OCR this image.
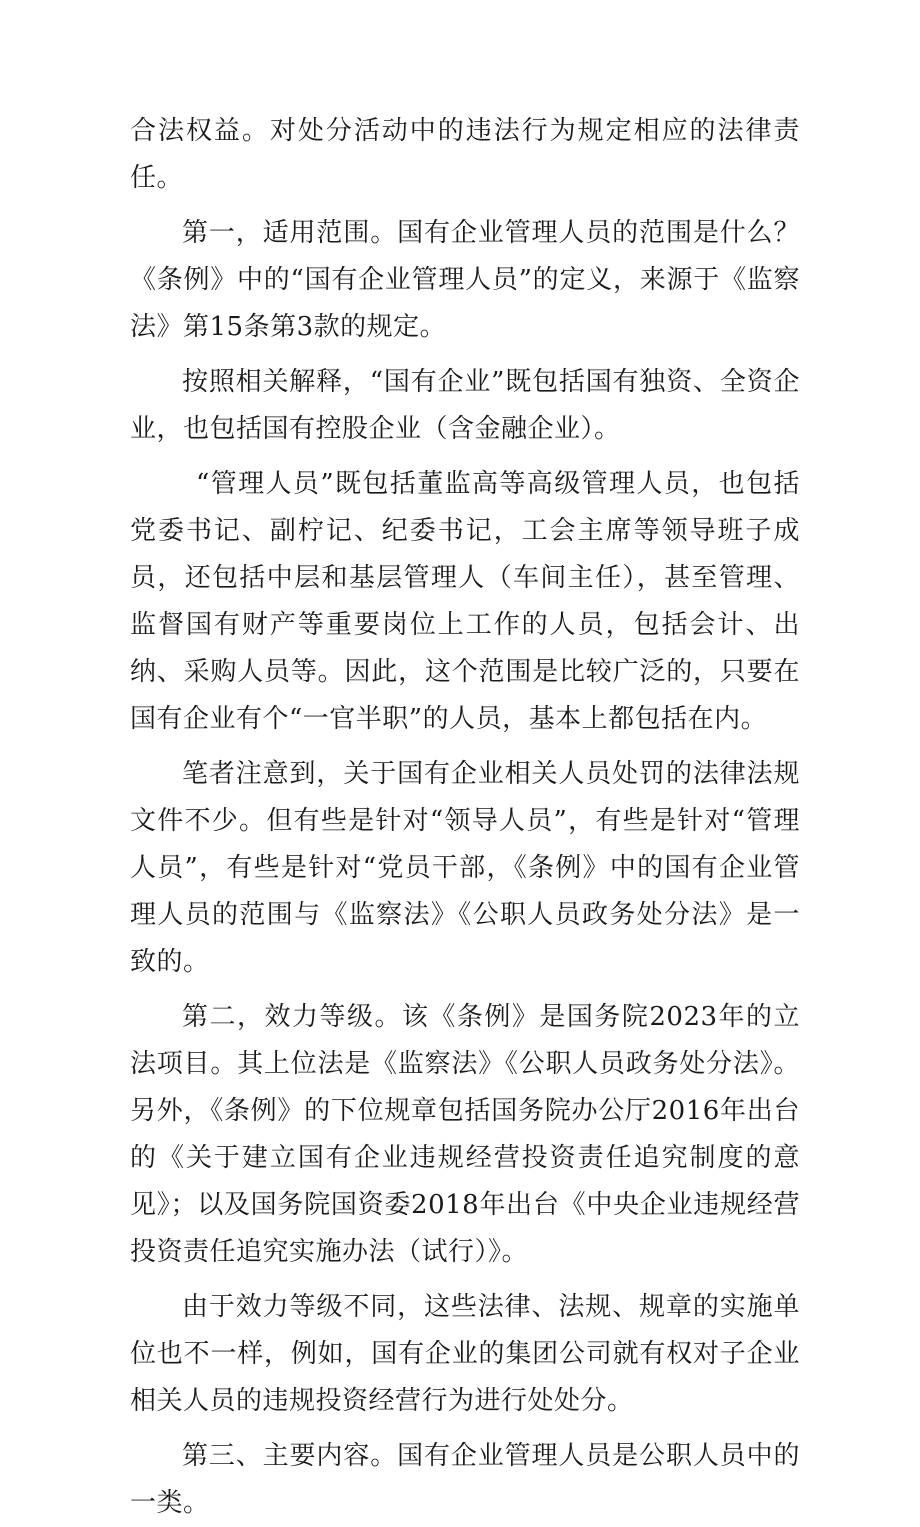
合法权益。对处分活动中的违法行为规定相应的法律责任。

第一，适用范围。国有企业管理人员的范围是什么？《条例》中的“国有企业管理人员”的定义，来源于《监察法》第15条第3款的规定。

按照相关解释，“国有企业”既包括国有独资、全资企业，也包括国有控股企业（含金融企业）。

“管理人员”既包括董监高等高级管理人员，也包括党委书记、副柠记、纪委书记，工会主席等领导班子成员，还包括中层和基层管理人（车间主任），甚至管理、监督国有财产等重要岗位上工作的人员，包括会计、出纳、采购人员等。因此，这个范围是比较广泛的，只要在国有企业有个“一官半职”的人员，基本上都包括在内。

笔者注意到，关于国有企业相关人员处罚的法律法规文件不少。但有些是针对“领导人员”，有些是针对“管理人员”，有些是针对“党员干部，《条例》中的国有企业管理人员的范围与《监察法》《公职人员政务处分法》是一致的。

第二，效力等级。该《条例》是国务院2023年的立法项目。其上位法是《监察法》《公职人员政务处分法》。另外，《条例》的下位规章包括国务院办公厅2016年出台的《关于建立国有企业违规经营投资责任追究制度的意见》；以及国务院国资委2018年出台《中央企业违规经营投资责任追究实施办法（试行）》。

由于效力等级不同，这些法律、法规、规章的实施单位也不一样，例如，国有企业的集团公司就有权对子企业相关人员的违规投资经营行为进行处处分。

第三、主要内容。国有企业管理人员是公职人员中的一类。
